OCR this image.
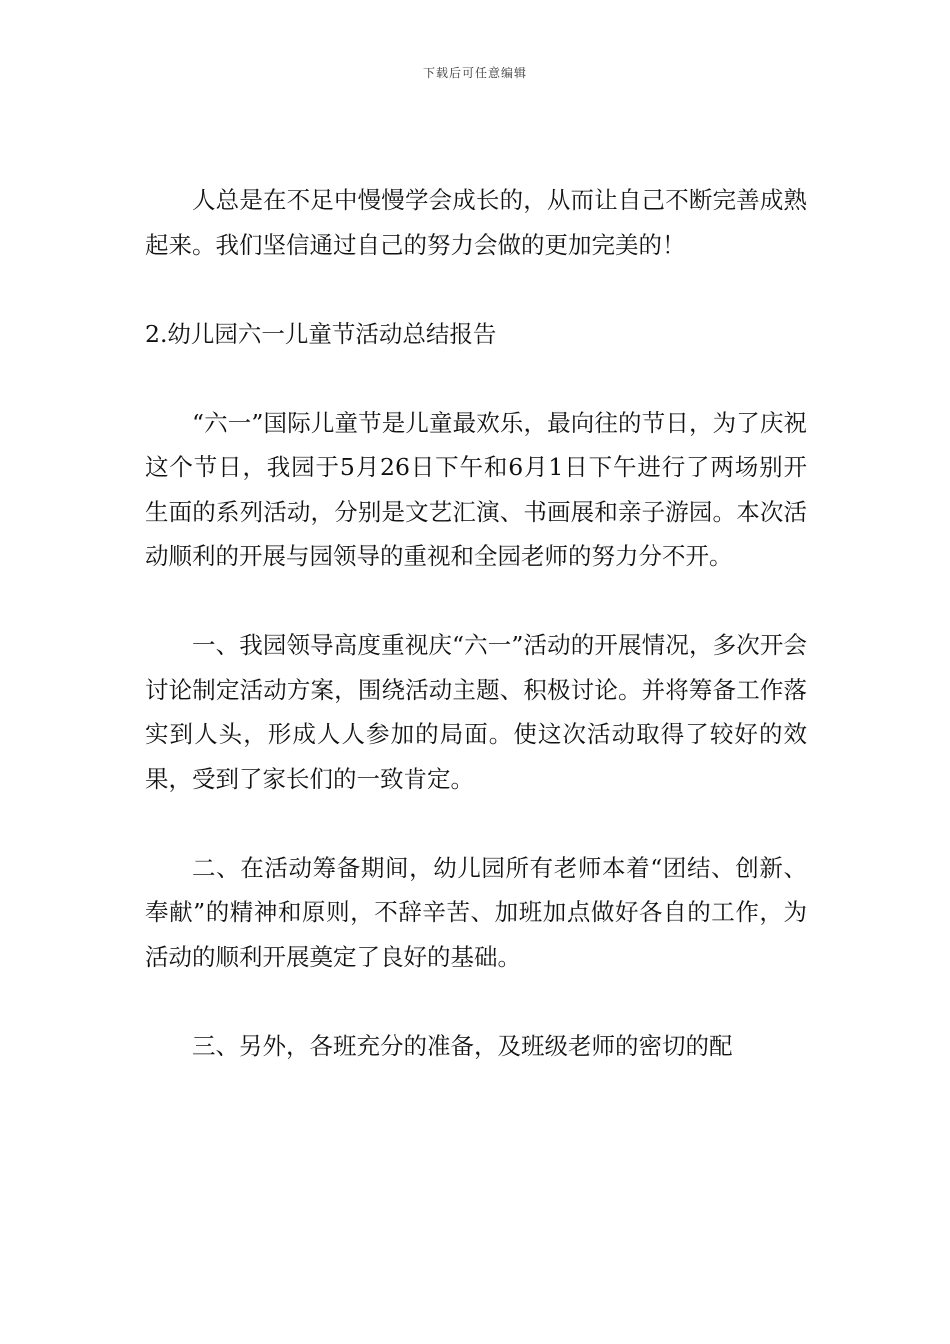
下载后可任意编辑

人总是在不足中慢慢学会成长的，从而让自己不断完善成熟起来。我们坚信通过自己的努力会做的更加完美的！

2.幼儿园六一儿童节活动总结报告

“六一”国际儿童节是儿童最欢乐，最向往的节日，为了庆祝这个节日，我园于5月26日下午和6月1日下午进行了两场别开生面的系列活动，分别是文艺汇演、书画展和亲子游园。本次活动顺利的开展与园领导的重视和全园老师的努力分不开。

一、我园领导高度重视庆“六一”活动的开展情况，多次开会讨论制定活动方案，围绕活动主题、积极讨论。并将筹备工作落实到人头，形成人人参加的局面。使这次活动取得了较好的效果，受到了家长们的一致肯定。

二、在活动筹备期间，幼儿园所有老师本着“团结、创新、奉献”的精神和原则，不辞辛苦、加班加点做好各自的工作，为活动的顺利开展奠定了良好的基础。

三、另外，各班充分的准备，及班级老师的密切的配
